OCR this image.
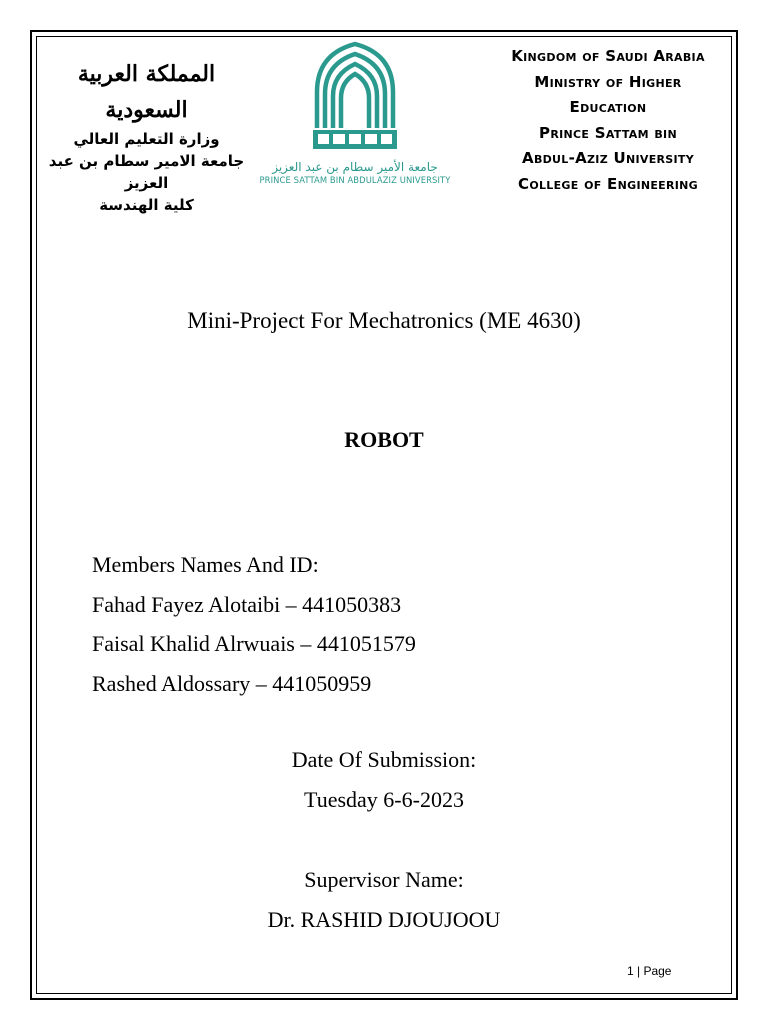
المملكة العربية السعودية
وزارة التعليم العالي
جامعة الامير سطام بن عبد العزيز
كلية الهندسة
جامعة الأمير سطام بن عبد العزيز
PRINCE SATTAM BIN ABDULAZIZ UNIVERSITY
Kingdom of Saudi Arabia
Ministry of Higher
Education
Prince Sattam bin
Abdul-Aziz University
College of Engineering
Mini-Project For Mechatronics (ME 4630)
ROBOT
Members Names And ID:
Fahad Fayez Alotaibi – 441050383
Faisal Khalid Alrwuais – 441051579
Rashed Aldossary – 441050959
Date Of Submission:
Tuesday 6-6-2023
Supervisor Name:
Dr. RASHID DJOUJOOU
1 | Page
